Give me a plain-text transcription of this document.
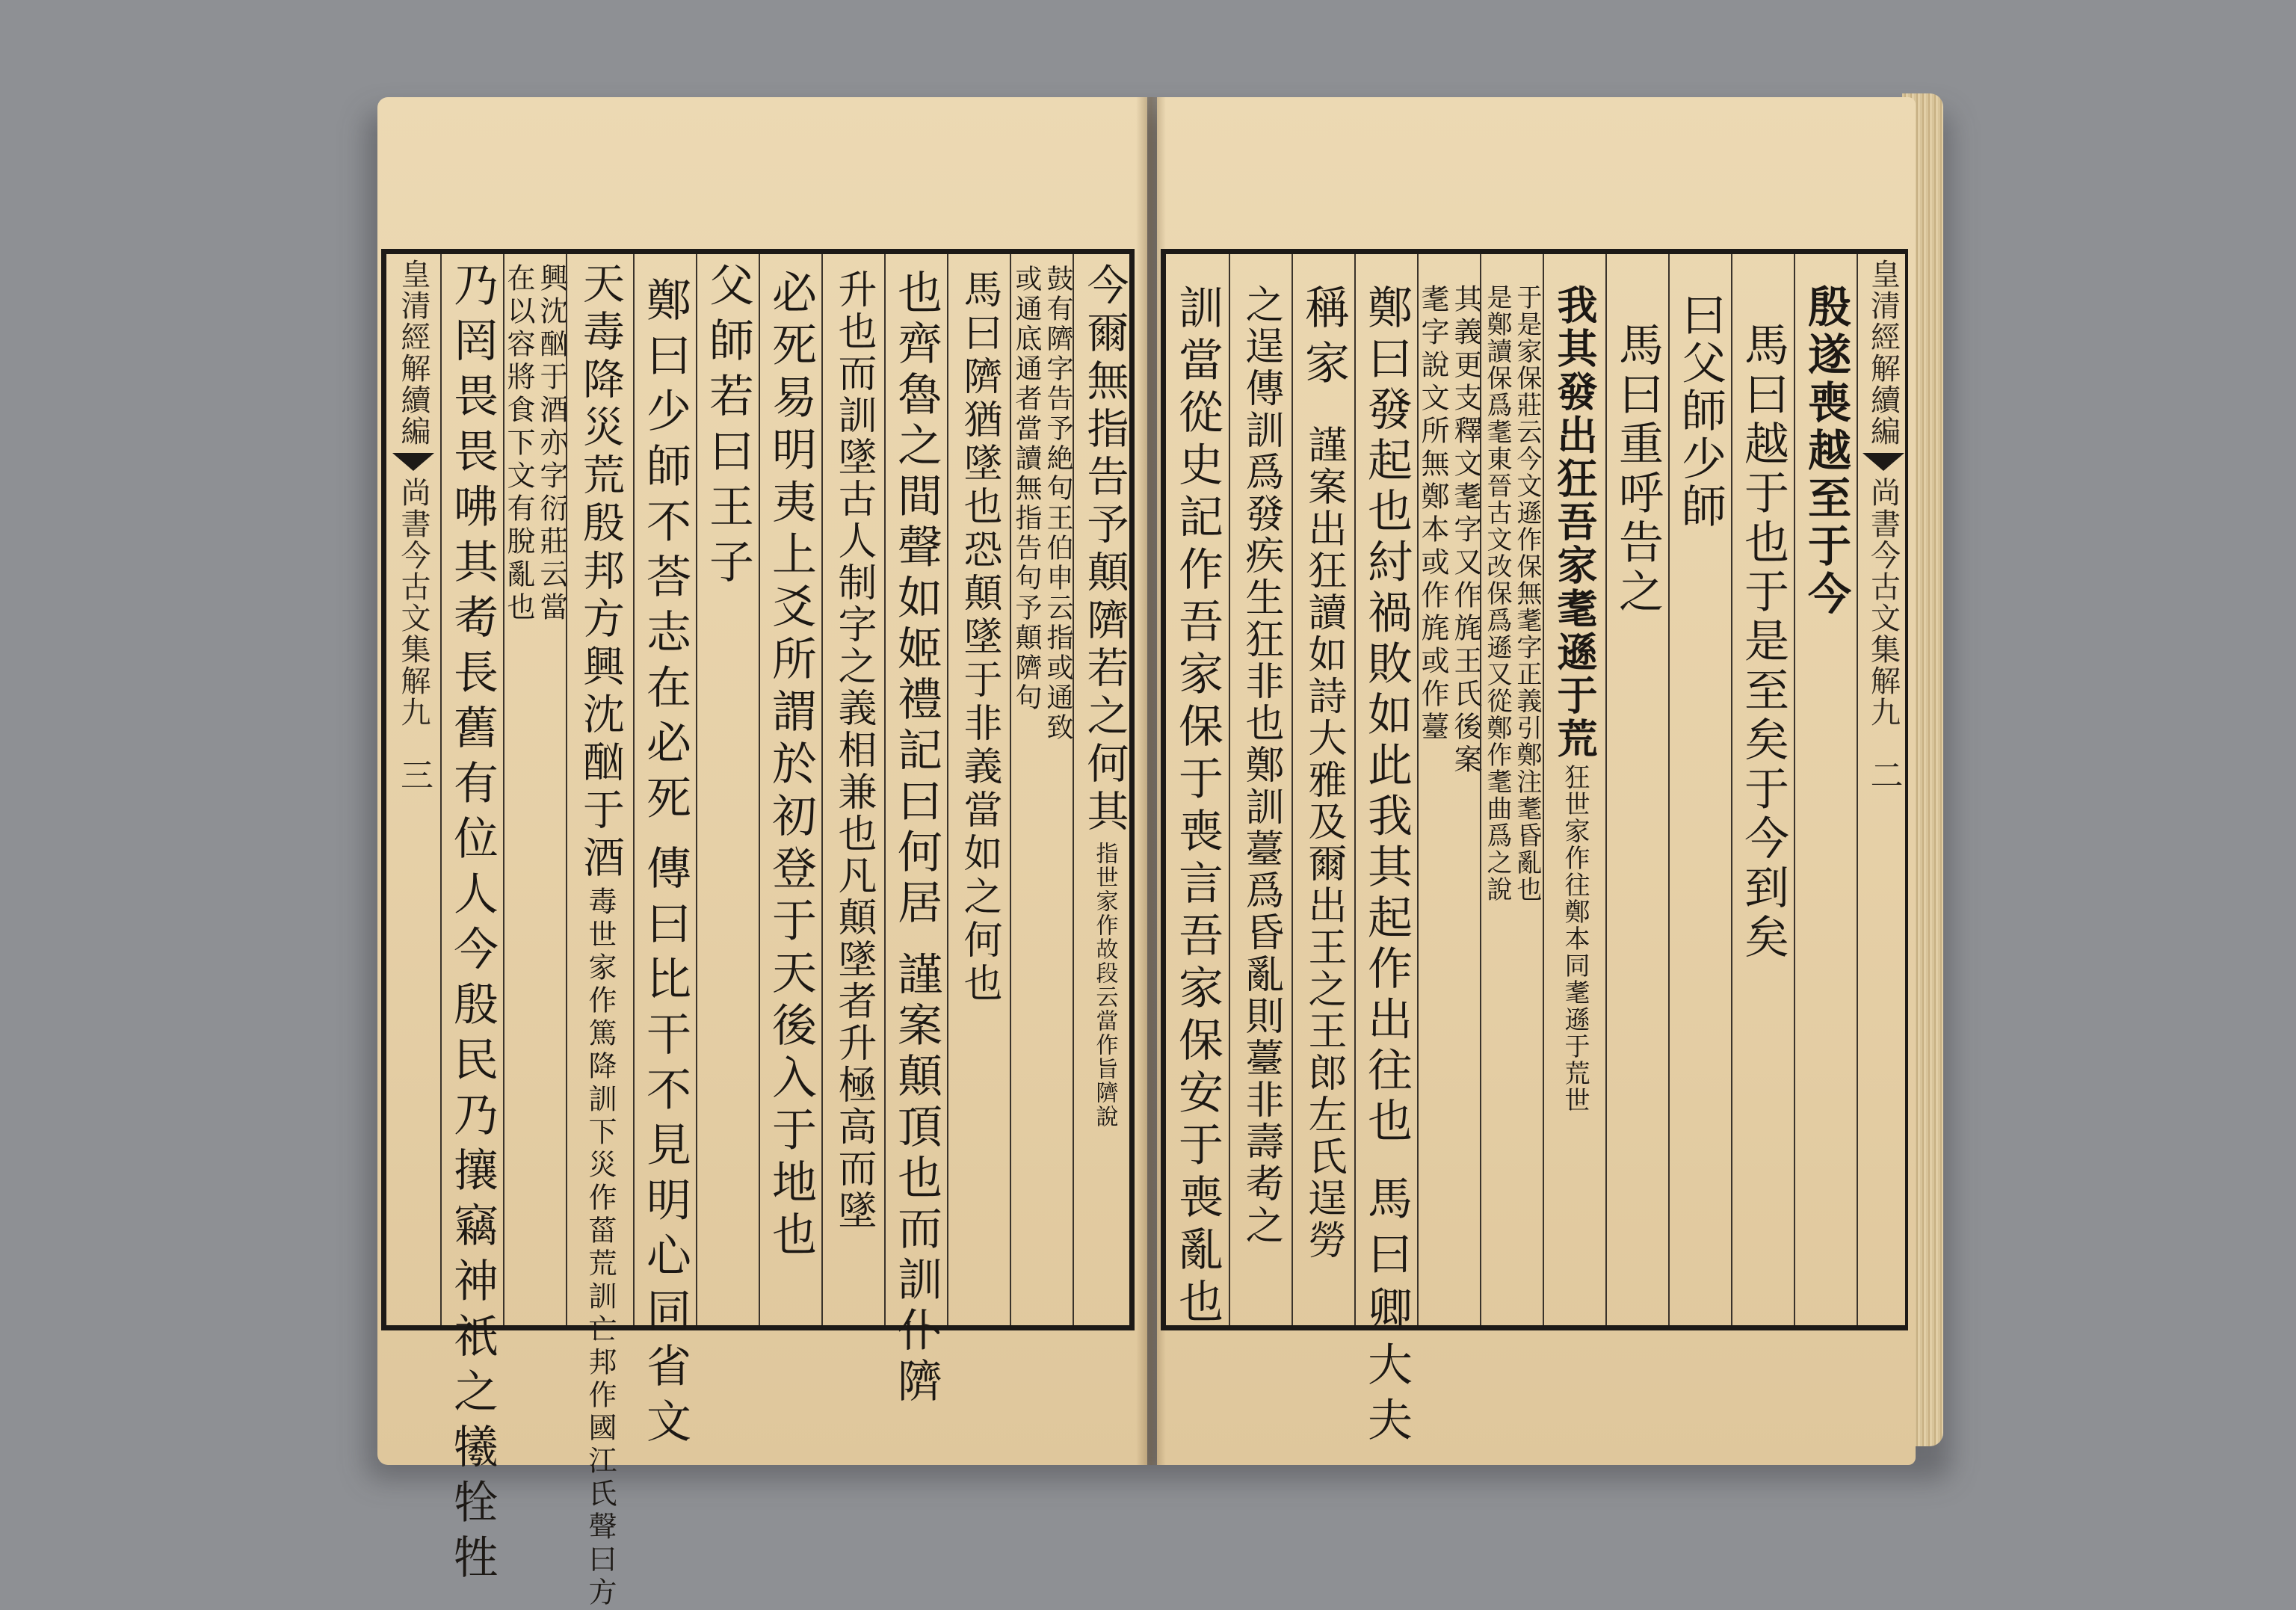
皇清經解續編
尚書今古文集解九
三 乃罔畏畏咈其耇長舊有位人今殷民乃攘竊神祇之犧牷牲 興沈酗于酒亦字衍莊云當
在以容將食下文有脫亂也 天毒降災荒殷邦方興沈酗于酒
毒世家作篤降訓下災作菑荒訓亡邦作國江氏聲曰方
鄭曰少師不荅志在必死
傳曰比干不見明心同省文
父師若曰王子 必死易明夷上爻所謂於初登于天後入于地也 升也而訓墜古人制字之義相兼也凡顛墜者升極高而墜 也齊魯之間聲如姬禮記曰何居
謹案顛頂也而訓仆隮
馬曰隮猶墜也恐顛墜于非義當如之何也 鼓有隮字告予絶句王伯申云指或通致
或通底通者當讀無指告句予顛隮句 今爾無指告予顛隮若之何其
指世家作故段云當作旨隮說 訓當從史記作吾家保于喪言吾家保安于喪亂也 之逞傳訓爲發疾生狂非也鄭訓薹爲昏亂則薹非壽耇之 稱家
謹案出狂讀如詩大雅及爾出王之王郎左氏
逞勞
鄭曰發起也紂禍敗如此我其起作出往也
馬曰卿大夫
其義更支釋文耄字又作旄王氏後案
耄字說文所無鄭本或作旄或作薹 于是家保莊云今文遜作保無耄字正義引鄭注耄昏亂也
是鄭讀保爲耄東晉古文改保爲遜又從鄭作耄曲爲之說 我其發出狂吾家耄遜于荒
狂世家作往鄭本同耄遜于荒世
馬曰重呼告之 曰父師少師 馬曰越于也于是至矣于今到矣 殷遂喪越至于今 皇清經解續編
尚書今古文集解九
二
